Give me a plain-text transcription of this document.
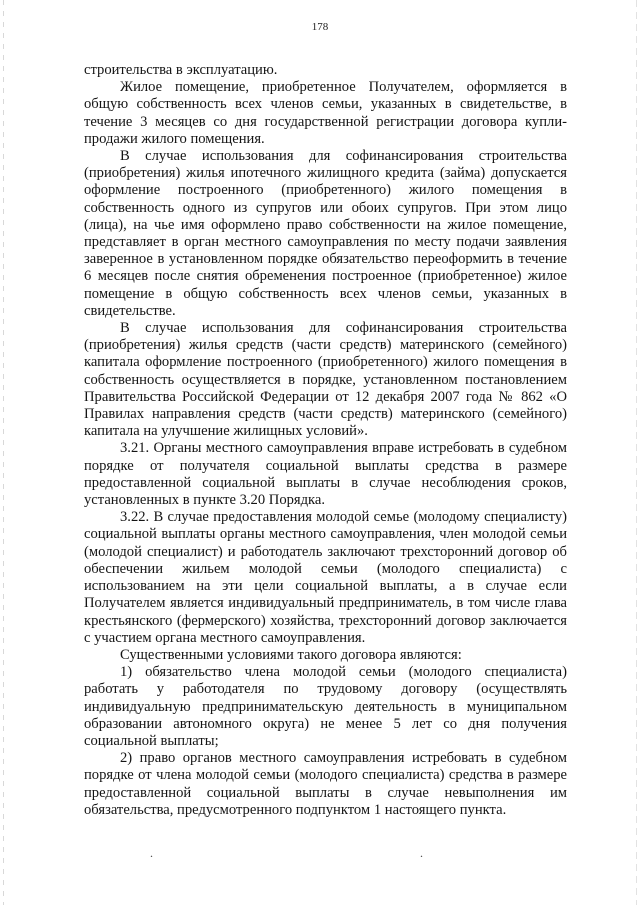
178

строительства в эксплуатацию.

Жилое помещение, приобретенное Получателем, оформляется в общую собственность всех членов семьи, указанных в свидетельстве, в течение 3 месяцев со дня государственной регистрации договора купли-продажи жилого помещения.

В случае использования для софинансирования строительства (приобретения) жилья ипотечного жилищного кредита (займа) допускается оформление построенного (приобретенного) жилого помещения в собственность одного из супругов или обоих супругов. При этом лицо (лица), на чье имя оформлено право собственности на жилое помещение, представляет в орган местного самоуправления по месту подачи заявления заверенное в установленном порядке обязательство переоформить в течение 6 месяцев после снятия обременения построенное (приобретенное) жилое помещение в общую собственность всех членов семьи, указанных в свидетельстве.

В случае использования для софинансирования строительства (приобретения) жилья средств (части средств) материнского (семейного) капитала оформление построенного (приобретенного) жилого помещения в собственность осуществляется в порядке, установленном постановлением Правительства Российской Федерации от 12 декабря 2007 года № 862 «О Правилах направления средств (части средств) материнского (семейного) капитала на улучшение жилищных условий».

3.21. Органы местного самоуправления вправе истребовать в судебном порядке от получателя социальной выплаты средства в размере предоставленной социальной выплаты в случае несоблюдения сроков, установленных в пункте 3.20 Порядка.

3.22. В случае предоставления молодой семье (молодому специалисту) социальной выплаты органы местного самоуправления, член молодой семьи (молодой специалист) и работодатель заключают трехсторонний договор об обеспечении жильем молодой семьи (молодого специалиста) с использованием на эти цели социальной выплаты, а в случае если Получателем является индивидуальный предприниматель, в том числе глава крестьянского (фермерского) хозяйства, трехсторонний договор заключается с участием органа местного самоуправления.

Существенными условиями такого договора являются:

1) обязательство члена молодой семьи (молодого специалиста) работать у работодателя по трудовому договору (осуществлять индивидуальную предпринимательскую деятельность в муниципальном образовании автономного округа) не менее 5 лет со дня получения социальной выплаты;

2) право органов местного самоуправления истребовать в судебном порядке от члена молодой семьи (молодого специалиста) средства в размере предоставленной социальной выплаты в случае невыполнения им обязательства, предусмотренного подпунктом 1 настоящего пункта.

.	.
